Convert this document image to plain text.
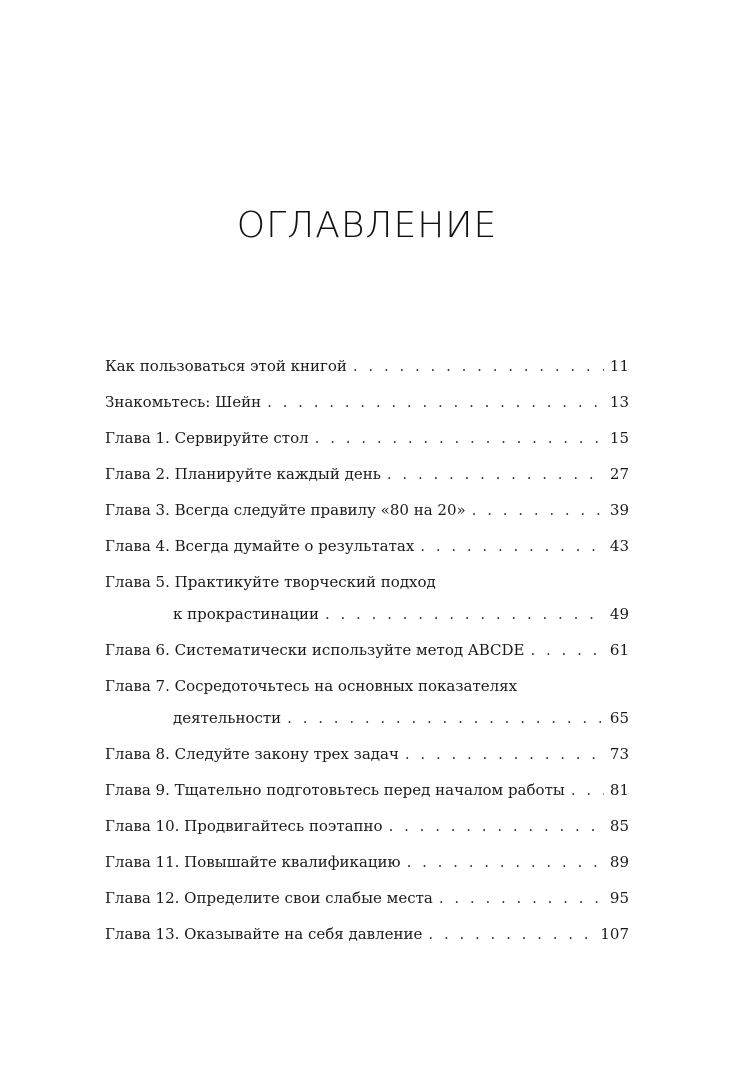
ОГЛАВЛЕНИЕ
Как пользоваться этой книгой . . .	11
Знакомьтесь: Шейн . . .	13
Глава 1. Сервируйте стол . . .	15
Глава 2. Планируйте каждый день . . .	27
Глава 3. Всегда следуйте правилу «80 на 20» . . .	39
Глава 4. Всегда думайте о результатах . . .	43
Глава 5. Практикуйте творческий подход
к прокрастинации . . .	49
Глава 6. Систематически используйте метод ABCDE . . .	61
Глава 7. Сосредоточьтесь на основных показателях
деятельности . . .	65
Глава 8. Следуйте закону трех задач . . .	73
Глава 9. Тщательно подготовьтесь перед началом работы . . .	81
Глава 10. Продвигайтесь поэтапно . . .	85
Глава 11. Повышайте квалификацию . . .	89
Глава 12. Определите свои слабые места . . .	95
Глава 13. Оказывайте на себя давление . . .	107
